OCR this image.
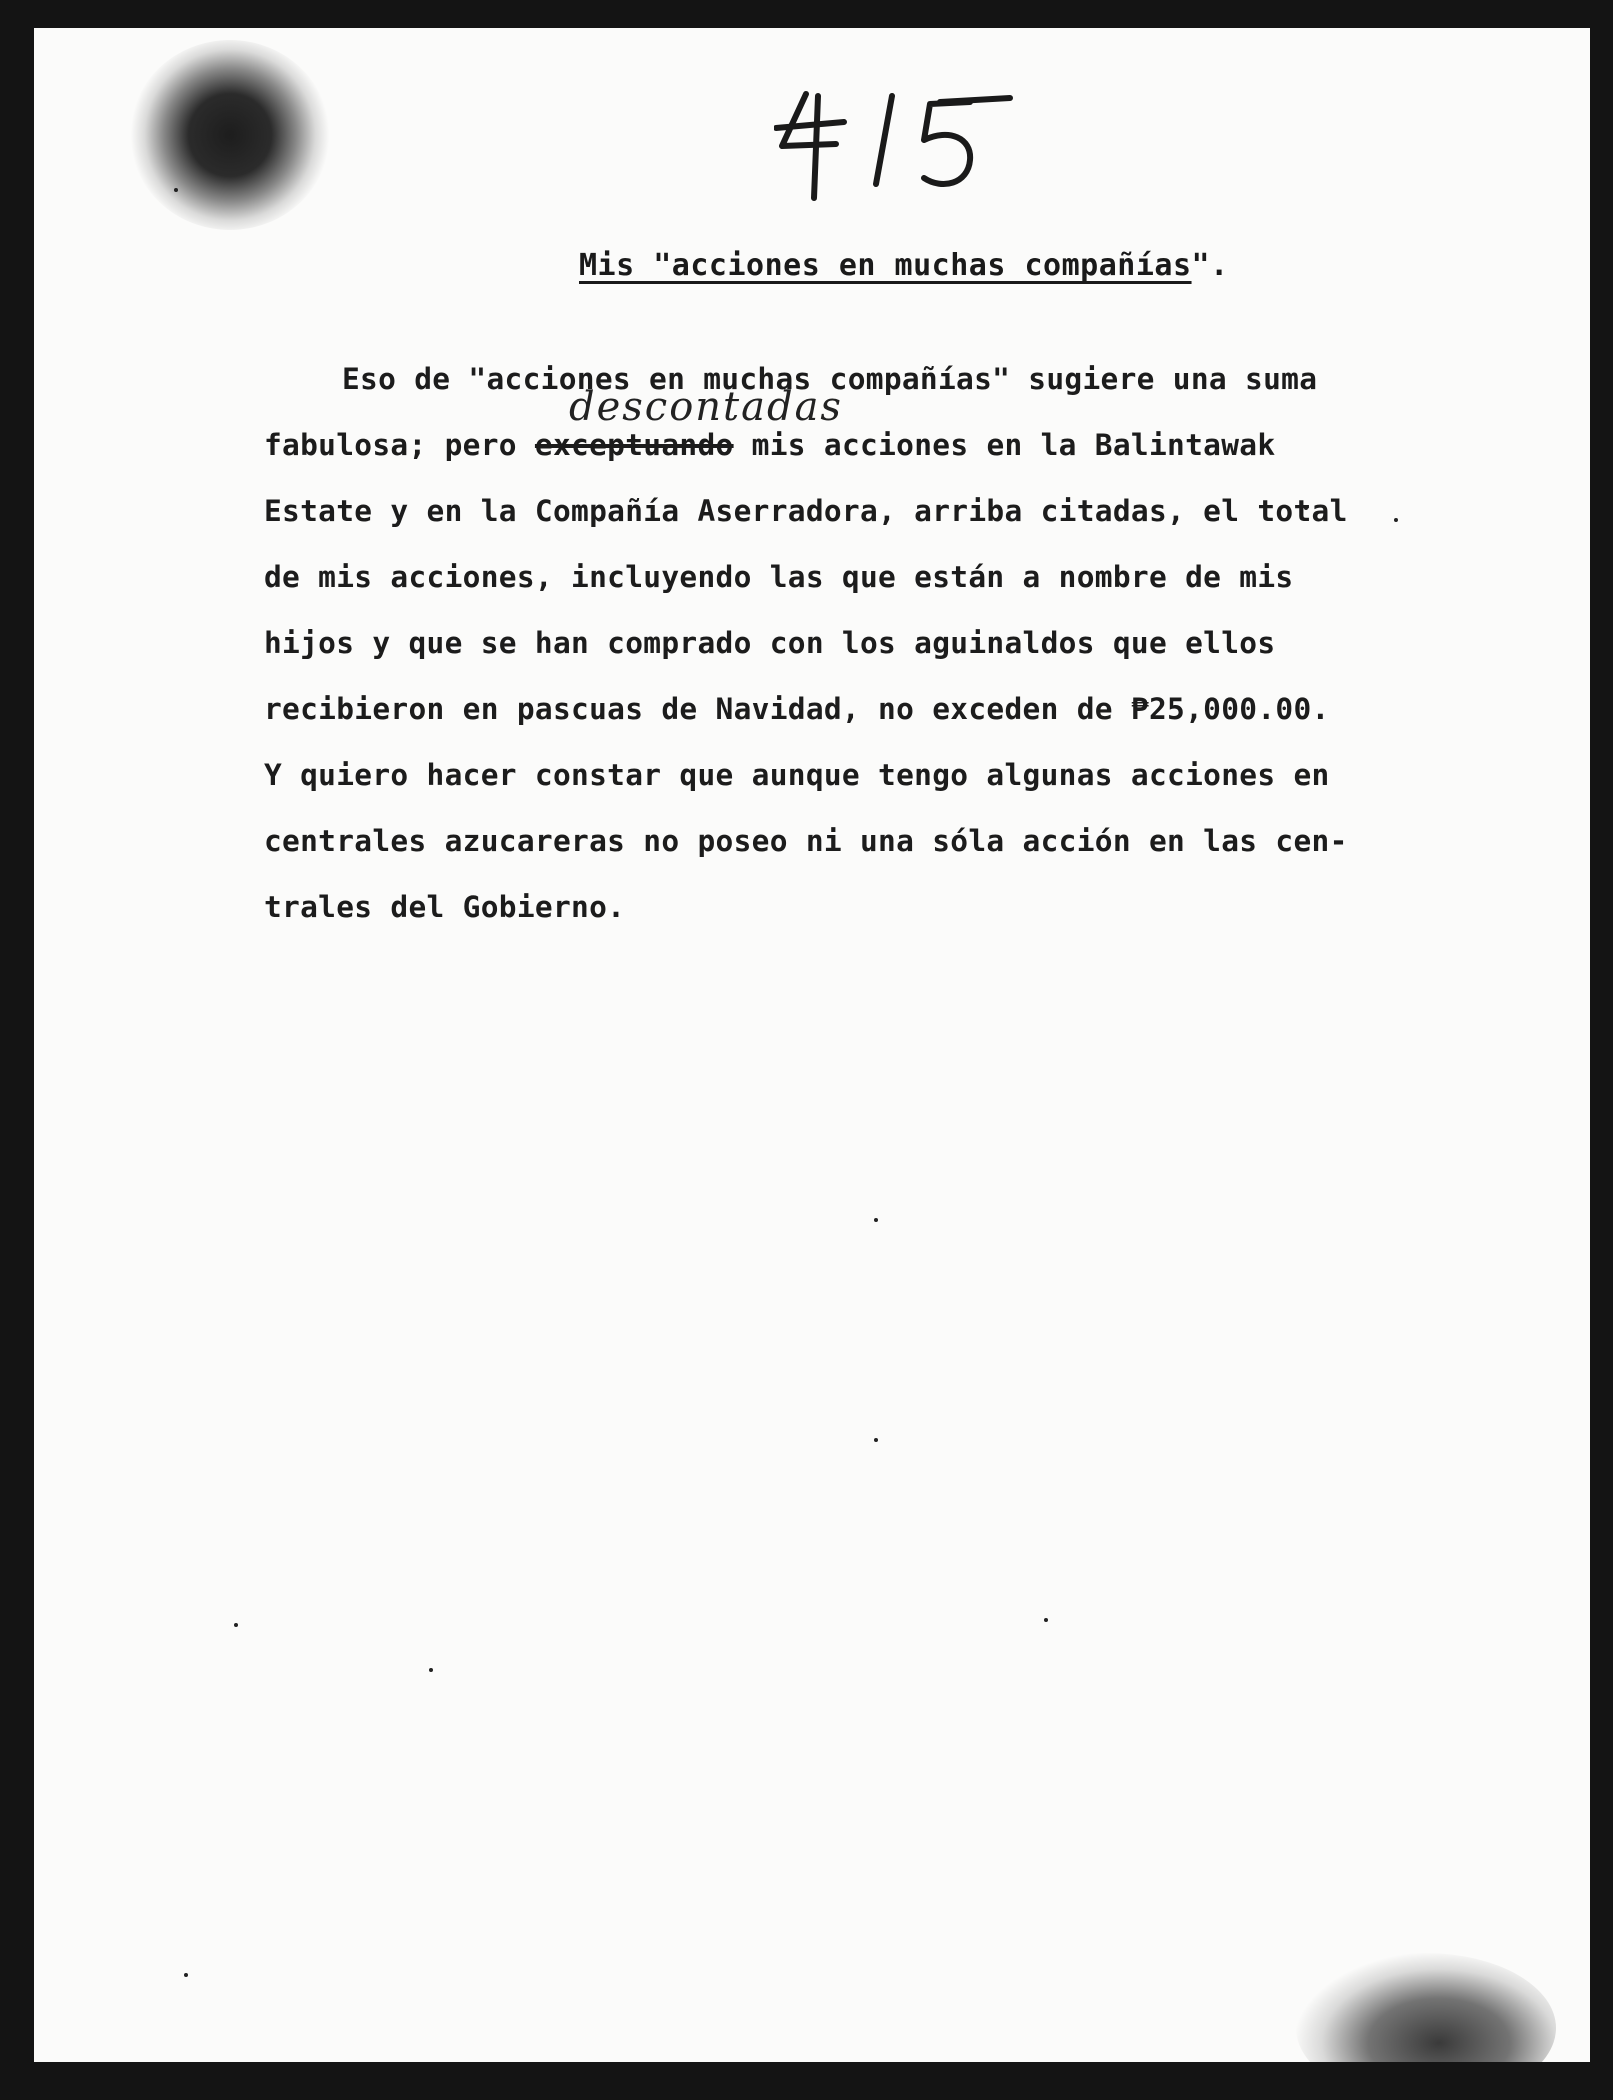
Mis "acciones en muchas compañías".
Eso de "acciones en muchas compañías" sugiere una suma
fabulosa; pero exceptuando mis acciones en la Balintawak
descontadas
Estate y en la Compañía Aserradora, arriba citadas, el total
de mis acciones, incluyendo las que están a nombre de mis
hijos y que se han comprado con los aguinaldos que ellos
recibieron en pascuas de Navidad, no exceden de ₱25,000.00.
Y quiero hacer constar que aunque tengo algunas acciones en
centrales azucareras no poseo ni una sóla acción en las cen-
trales del Gobierno.
